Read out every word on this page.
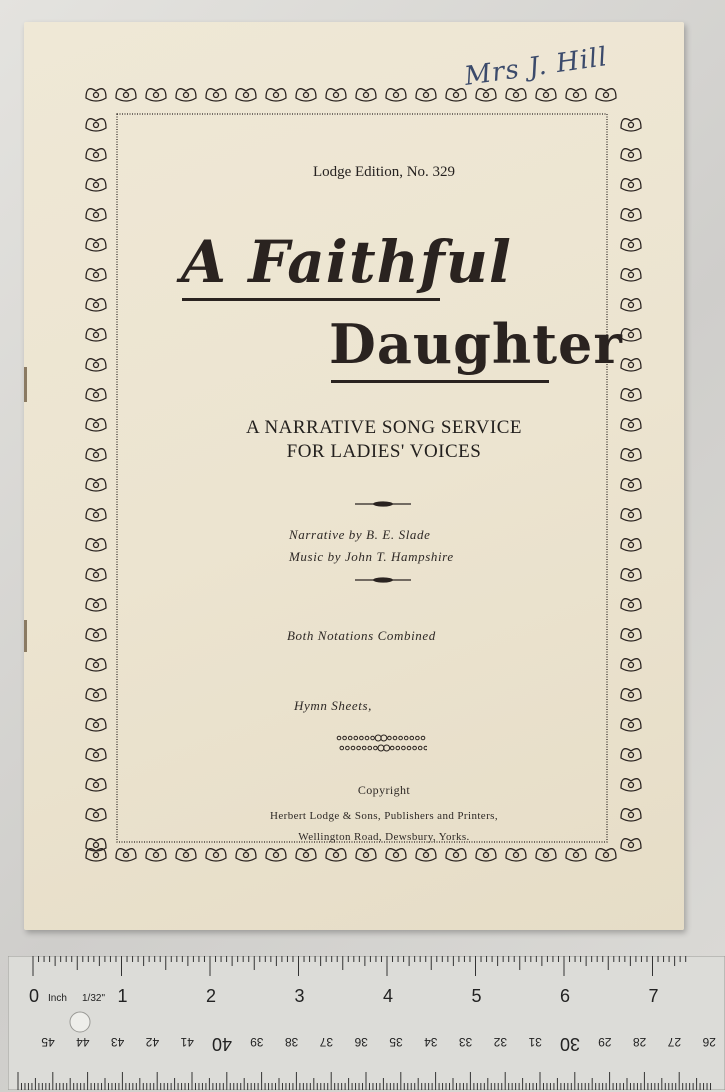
Mrs J. Hill
Lodge Edition, No. 329
A Faithful
Daughter
A NARRATIVE SONG SERVICE
FOR LADIES' VOICES
Narrative by B. E. Slade
Music by John T. Hampshire
Both Notations Combined
Hymn Sheets,
Copyright
Herbert Lodge & Sons, Publishers and Printers,
Wellington Road, Dewsbury, Yorks.
0	1	2	3	4	5	6	7
Inch 1/32"
45 44 43 42 41 40 39 38 37 36 35 34 33 32 31 30 29 28 27 26
